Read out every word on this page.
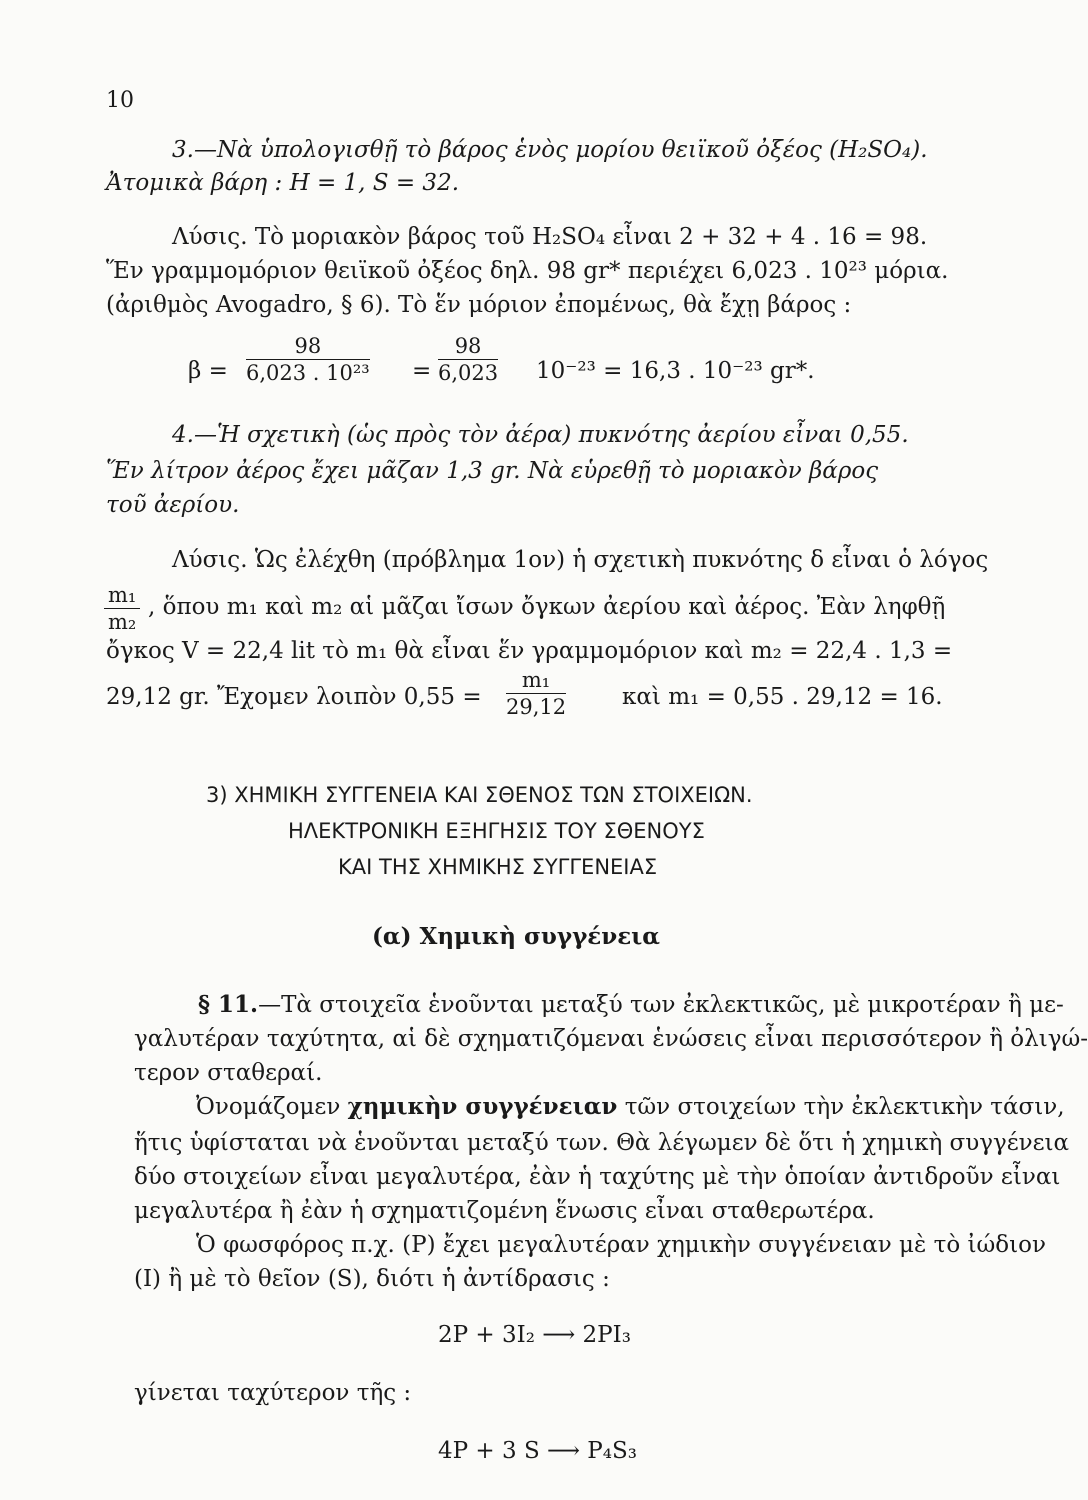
10
3.—Νὰ ὑπολογισθῇ τὸ βάρος ἑνὸς μορίου θειϊκοῦ ὀξέος (H₂SO₄).
Ἀτομικὰ βάρη : H = 1, S = 32.
Λύσις. Τὸ μοριακὸν βάρος τοῦ H₂SO₄ εἶναι 2 + 32 + 4 . 16 = 98.
Ἕν γραμμομόριον θειϊκοῦ ὀξέος δηλ. 98 gr* περιέχει 6,023 . 10²³ μόρια.
(ἀριθμὸς Avogadro, § 6). Τὸ ἕν μόριον ἐπομένως, θὰ ἔχῃ βάρος :
$\beta = \frac{98}{\text{6,023 . 10²³}} = \frac{98}{6,023} 10^{-23} = 16,3$ . 10⁻²³ gr*.
4.—Ἡ σχετικὴ (ὡς πρὸς τὸν ἀέρα) πυκνότης ἀερίου εἶναι 0,55.
Ἕν λίτρον ἀέρος ἔχει μᾶζαν 1,3 gr. Νὰ εὑρεθῇ τὸ μοριακὸν βάρος
τοῦ ἀερίου.
Λύσις. Ὡς ἐλέχθη (πρόβλημα 1ον) ἡ σχετικὴ πυκνότης δ εἶναι ὁ λόγος
$\frac{\text{m₁}}{\text{m₂}}$ , ὅπου m₁ καὶ m₂ αἱ μᾶζαι ἴσων ὄγκων ἀερίου καὶ ἀέρος. Ἐὰν ληφθῇ
ὄγκος V = 22,4 lit τὸ m₁ θὰ εἶναι ἕν γραμμομόριον καὶ m₂ = 22,4 . 1,3 =
29,12 gr. Ἔχομεν λοιπὸν $0,55 = \frac{\text{m₁}}{29,12}$ καὶ m₁ = 0,55 . 29,12 = 16.
3) ΧΗΜΙΚΗ ΣΥΓΓΕΝΕΙΑ ΚΑΙ ΣΘΕΝΟΣ ΤΩΝ ΣΤΟΙΧΕΙΩΝ.
ΗΛΕΚΤΡΟΝΙΚΗ ΕΞΗΓΗΣΙΣ ΤΟΥ ΣΘΕΝΟΥΣ
ΚΑΙ ΤΗΣ ΧΗΜΙΚΗΣ ΣΥΓΓΕΝΕΙΑΣ
(α) Χημικὴ συγγένεια
§ 11.—Τὰ στοιχεῖα ἑνοῦνται μεταξύ των ἐκλεκτικῶς, μὲ μικροτέραν ἢ με-
γαλυτέραν ταχύτητα, αἱ δὲ σχηματιζόμεναι ἑνώσεις εἶναι περισσότερον ἢ ὀλιγώ-
τερον σταθεραί.
Ὀνομάζομεν χημικὴν συγγένειαν τῶν στοιχείων τὴν ἐκλεκτικὴν τάσιν,
ἥτις ὑφίσταται νὰ ἑνοῦνται μεταξύ των. Θὰ λέγωμεν δὲ ὅτι ἡ χημικὴ συγγένεια
δύο στοιχείων εἶναι μεγαλυτέρα, ἐὰν ἡ ταχύτης μὲ τὴν ὁποίαν ἀντιδροῦν εἶναι
μεγαλυτέρα ἢ ἐὰν ἡ σχηματιζομένη ἕνωσις εἶναι σταθερωτέρα.
Ὁ φωσφόρος π.χ. (P) ἔχει μεγαλυτέραν χημικὴν συγγένειαν μὲ τὸ ἰώδιον
(I) ἢ μὲ τὸ θεῖον (S), διότι ἡ ἀντίδρασις :
2P + 3I₂ ⟶ 2PI₃
γίνεται ταχύτερον τῆς :
4P + 3 S ⟶ P₄S₃
